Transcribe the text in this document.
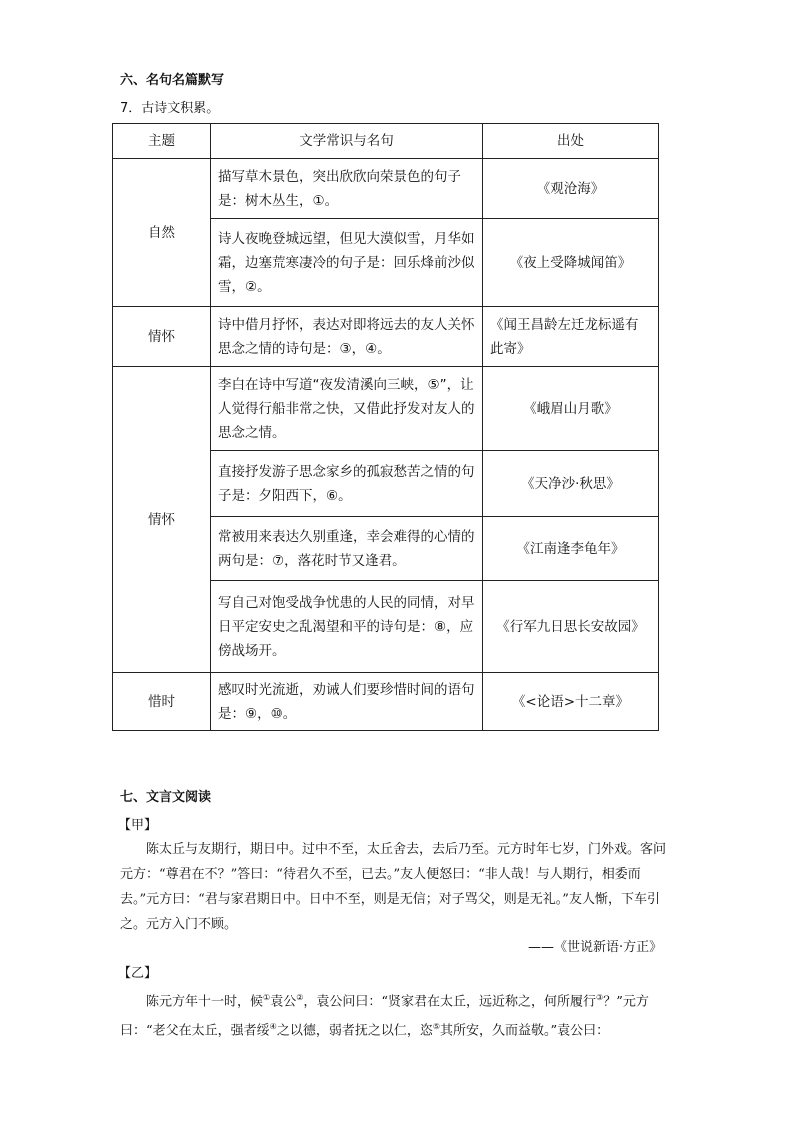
六、名句名篇默写
7．古诗文积累。
主题	文学常识与名句	出处
自然	描写草木景色，突出欣欣向荣景色的句子是：树木丛生，①。	《观沧海》
	诗人夜晚登城远望，但见大漠似雪，月华如霜，边塞荒寒凄冷的句子是：回乐烽前沙似雪，②。	《夜上受降城闻笛》
情怀	诗中借月抒怀，表达对即将远去的友人关怀思念之情的诗句是：③，④。	《闻王昌龄左迁龙标遥有此寄》
情怀	李白在诗中写道“夜发清溪向三峡，⑤”，让人觉得行船非常之快，又借此抒发对友人的思念之情。	《峨眉山月歌》
	直接抒发游子思念家乡的孤寂愁苦之情的句子是：夕阳西下，⑥。	《天净沙·秋思》
	常被用来表达久别重逢，幸会难得的心情的两句是：⑦，落花时节又逢君。	《江南逢李龟年》
	写自己对饱受战争忧患的人民的同情，对早日平定安史之乱渴望和平的诗句是：⑧，应傍战场开。	《行军九日思长安故园》
惜时	感叹时光流逝，劝诫人们要珍惜时间的语句是：⑨，⑩。	《<论语>十二章》
七、文言文阅读
【甲】
陈太丘与友期行，期日中。过中不至，太丘舍去，去后乃至。元方时年七岁，门外戏。客问元方：“尊君在不？”答曰：“待君久不至，已去。”友人便怒曰：“非人哉！与人期行，相委而去。”元方曰：“君与家君期日中。日中不至，则是无信；对子骂父，则是无礼。”友人惭，下车引之。元方入门不顾。
——《世说新语·方正》
【乙】
陈元方年十一时，候①袁公②，袁公问曰：“贤家君在太丘，远近称之，何所履行③？”元方曰：“老父在太丘，强者绥④之以德，弱者抚之以仁，恣⑤其所安，久而益敬。”袁公曰：
